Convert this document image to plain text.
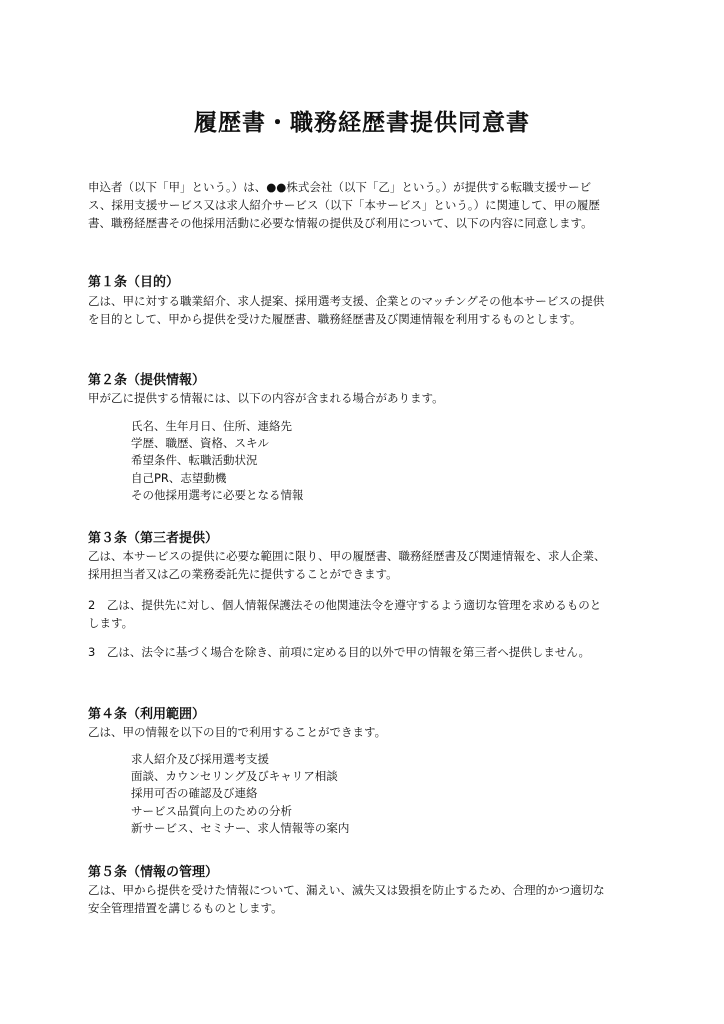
履歴書・職務経歴書提供同意書
申込者（以下「甲」という。）は、●●株式会社（以下「乙」という。）が提供する転職支援サービ
ス、採用支援サービス又は求人紹介サービス（以下「本サービス」という。）に関連して、甲の履歴
書、職務経歴書その他採用活動に必要な情報の提供及び利用について、以下の内容に同意します。
第１条（目的）
乙は、甲に対する職業紹介、求人提案、採用選考支援、企業とのマッチングその他本サービスの提供
を目的として、甲から提供を受けた履歴書、職務経歴書及び関連情報を利用するものとします。
第２条（提供情報）
甲が乙に提供する情報には、以下の内容が含まれる場合があります。
氏名、生年月日、住所、連絡先
学歴、職歴、資格、スキル
希望条件、転職活動状況
自己PR、志望動機
その他採用選考に必要となる情報
第３条（第三者提供）
乙は、本サービスの提供に必要な範囲に限り、甲の履歴書、職務経歴書及び関連情報を、求人企業、
採用担当者又は乙の業務委託先に提供することができます。
2　乙は、提供先に対し、個人情報保護法その他関連法令を遵守するよう適切な管理を求めるものと
します。
3　乙は、法令に基づく場合を除き、前項に定める目的以外で甲の情報を第三者へ提供しません。
第４条（利用範囲）
乙は、甲の情報を以下の目的で利用することができます。
求人紹介及び採用選考支援
面談、カウンセリング及びキャリア相談
採用可否の確認及び連絡
サービス品質向上のための分析
新サービス、セミナー、求人情報等の案内
第５条（情報の管理）
乙は、甲から提供を受けた情報について、漏えい、滅失又は毀損を防止するため、合理的かつ適切な
安全管理措置を講じるものとします。
